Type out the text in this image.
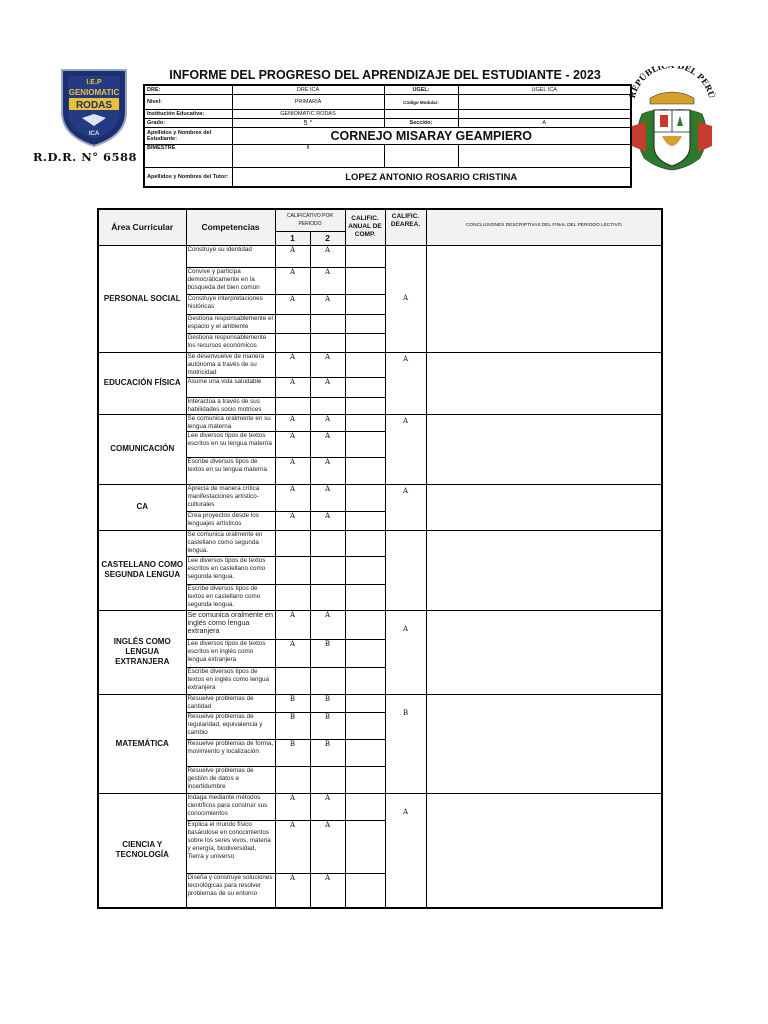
I.E.P
GENIOMATIC
RODAS
ICA
R.D.R. N° 6588
REPÚBLI DEL PERÚ
INFORME DEL PROGRESO DEL APRENDIZAJE DEL ESTUDIANTE - 2023
DRE:	DRE ICA	UGEL:	UGEL ICA
Nivel:	PRIMARIA	Código Modular:	
Institución Educativa:	GENIOMATIC RODAS		
Grado:	5 °	Sección:	A
Apellidos y Nombres del Estudiante:	CORNEJO MISARAY GEAMPIERO		
BIMESTRE	II		
Apellidos y Nombres del Tutor:	LOPEZ ANTONIO ROSARIO CRISTINA		
Área Curricular	Competencias	CALIFICATIVO POR PERIODO		CALIFIC. ANUAL DE COMP.	CALIFIC. DEAREA.	CONCLUSIONES DESCRIPTIVAS DEL FINAL DEL PERIODO LECTIVO
		1	2			
PERSONAL SOCIAL	Construye su identidad	A	A		A	
	Convive y participa democráticamente en la búsqueda del bien común	A	A			
	Construye interpretaciones históricas	A	A			
	Gestiona responsablemente el espacio y el ambiente					
	Gestiona responsablemente los recursos económicos					
EDUCACIÓN FÍSICA	Se desenvuelve de manera autónoma a través de su motricidad	A	A		A	
	Asume una vida saludable	A	A			
	Interactúa a través de sus habilidades socio motrices					
COMUNICACIÓN	Se comunica oralmente en su lengua materna	A	A		A	
	Lee diversos tipos de textos escritos en su lengua materna	A	A			
	Escribe diversos tipos de textos en su lengua materna	A	A			
CA	Aprecia de manera crítica manifestaciones artístico-culturales	A	A		A	
	Crea proyectos desde los lenguajes artísticos	A	A			
CASTELLANO COMO SEGUNDA LENGUA	Se comunica oralmente en castellano como segunda lengua.					
	Lee diversos tipos de textos escritos en castellano como segunda lengua.					
	Escribe diversos tipos de textos en castellano como segunda lengua.					
INGLÉS COMO LENGUA EXTRANJERA	Se comunica oralmente en inglés como lengua extranjera	A	A		A	
	Lee diversos tipos de textos escritos en inglés como lengua extranjera	A	B			
	Escribe diversos tipos de textos en inglés como lengua extranjera					
MATEMÁTICA	Resuelve problemas de cantidad	B	B		B	
	Resuelve problemas de regularidad, equivalencia y cambio	B	B			
	Resuelve problemas de forma, movimiento y localización	B	B			
	Resuelve problemas de gestión de datos e incertidumbre					
CIENCIA Y TECNOLOGÍA	Indaga mediante métodos científicos para construir sus conocimientos	A	A		A	
	Explica el mundo físico basándose en conocimientos sobre los seres vivos, materia y energía, biodiversidad, Tierra y universo	A	A			
	Diseña y construye soluciones tecnológicas para resolver problemas de su entorno	A	A			
